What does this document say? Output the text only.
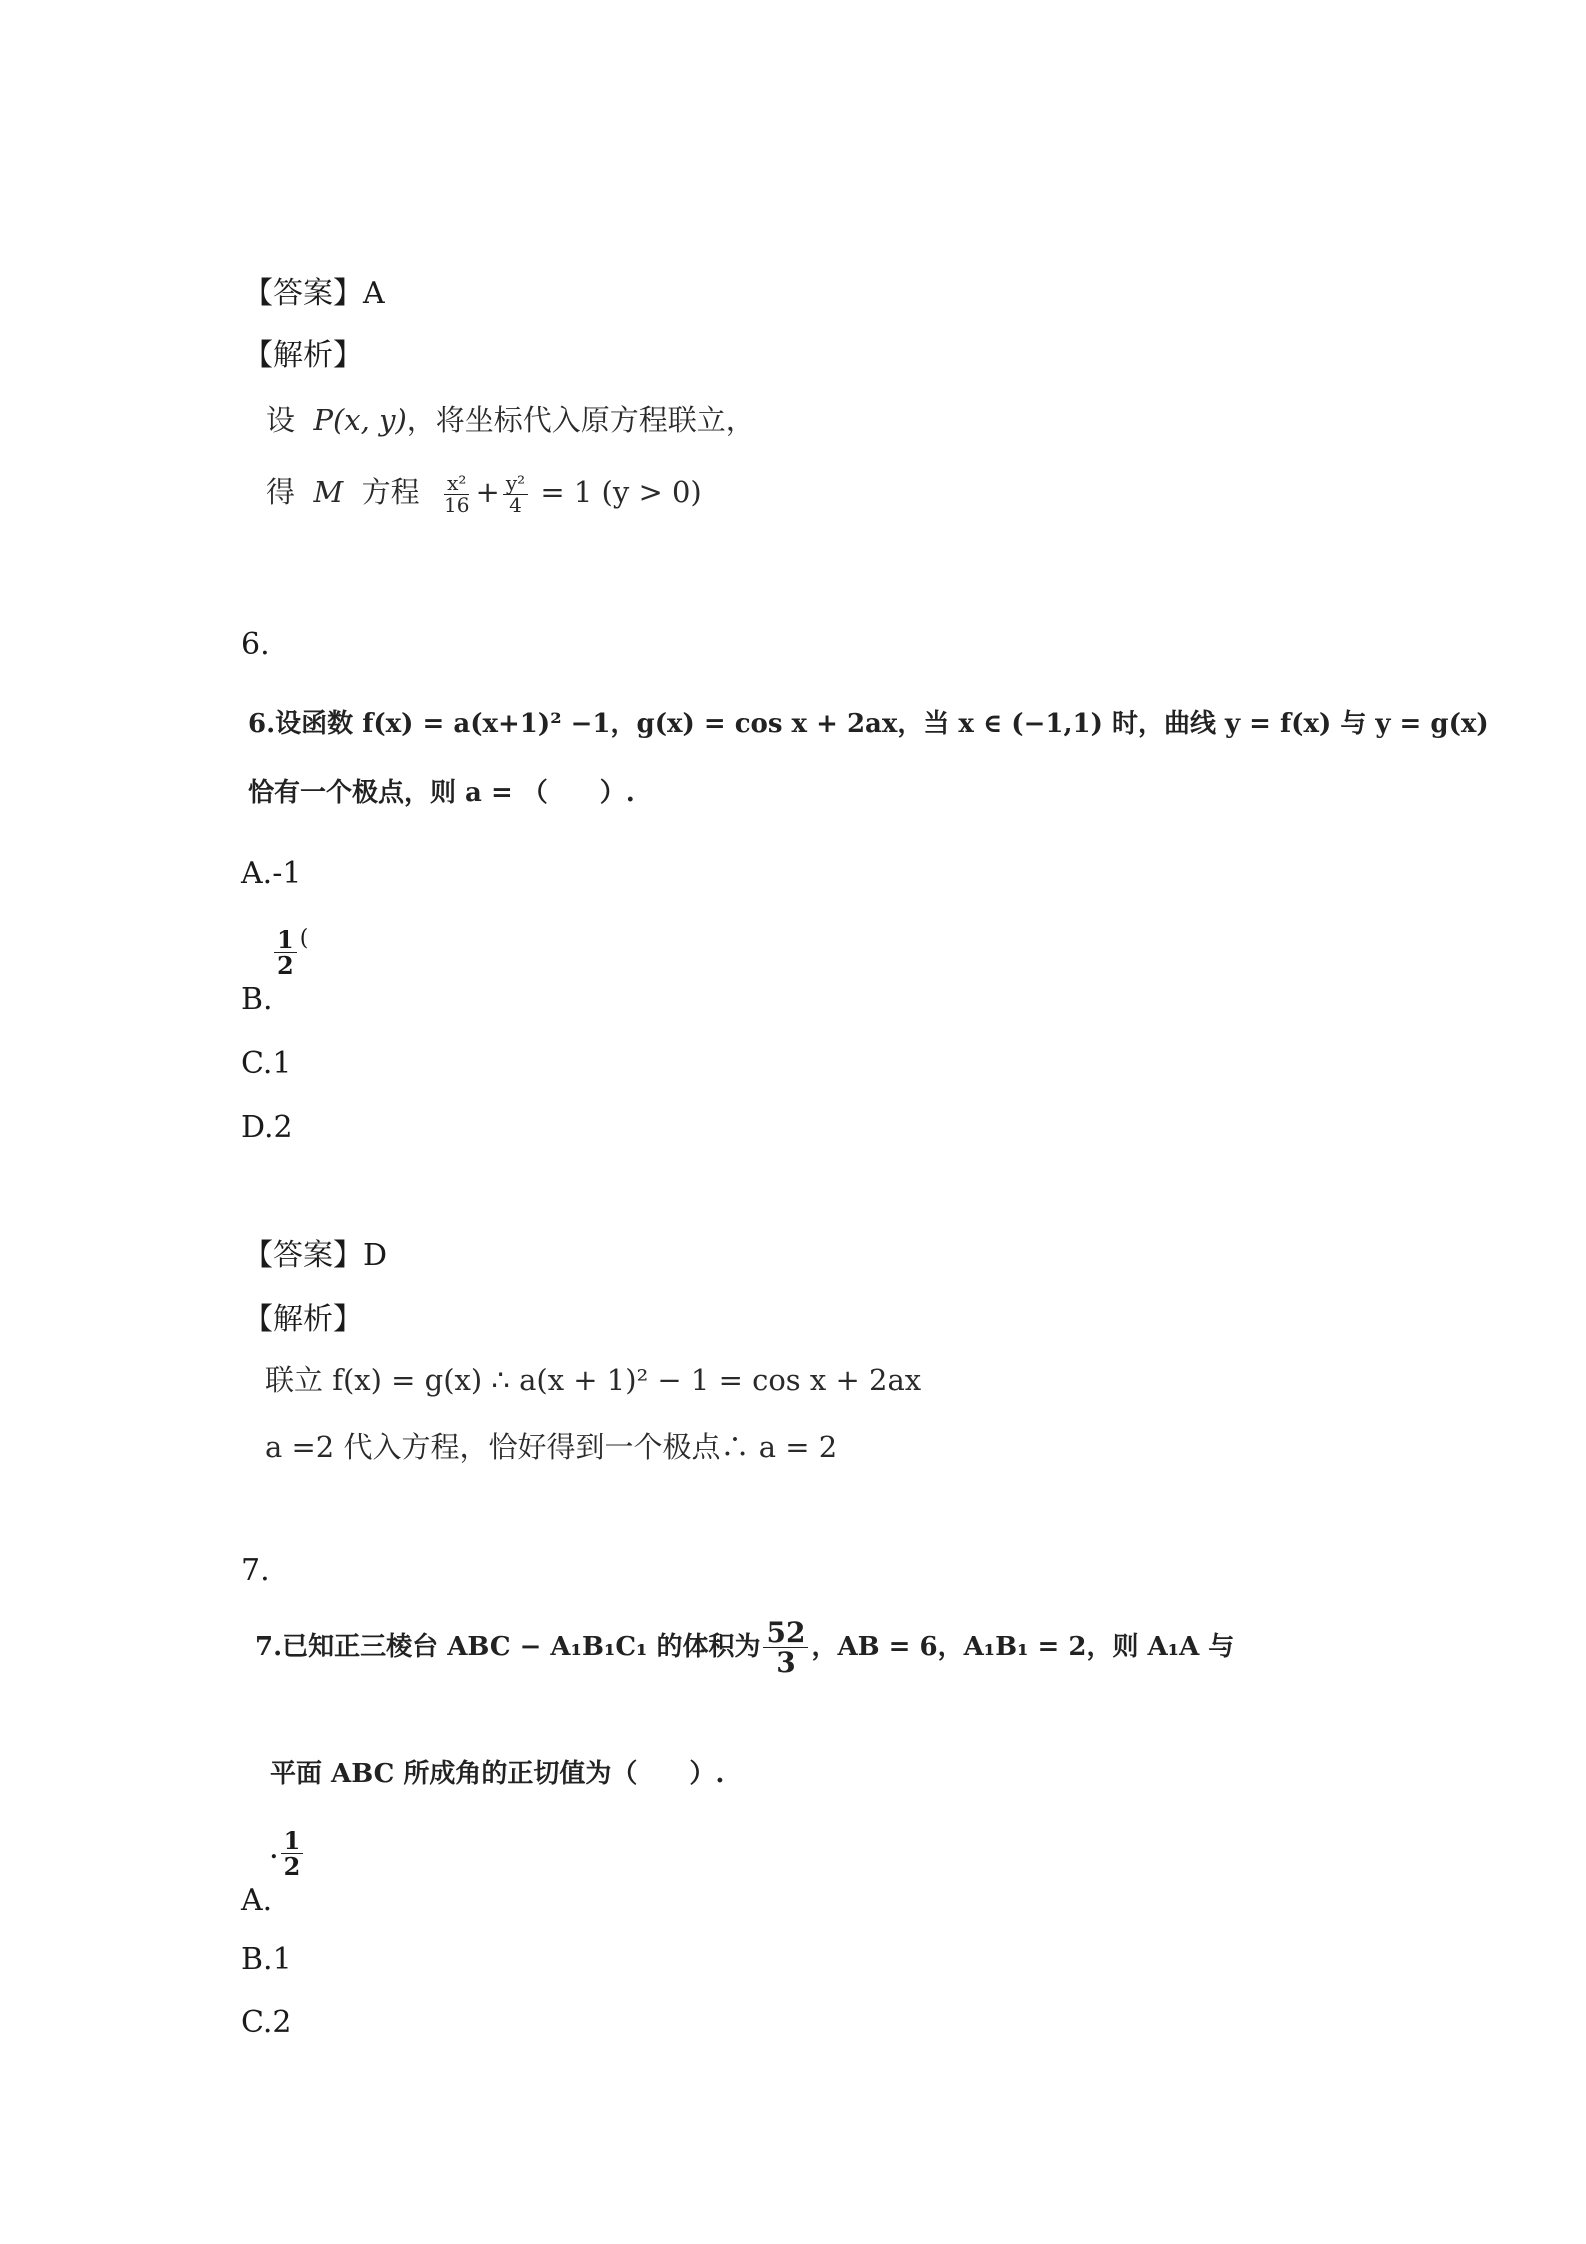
【答案】A
【解析】
设 P(x, y)，将坐标代入原方程联立，
得 M 方程 $\frac{\text{x²}}{16} + \frac{\text{y²}}{4} = 1$ (y > 0)
6.
6.设函数 f(x) = a(x+1)² −1，g(x) = cos x + 2ax，当 x ∈ (−1,1) 时，曲线 y = f(x) 与 y = g(x)
恰有一个极点，则 a = （　　）.
A.-1
$\frac{1}{2}$ (
B.
C.1
D.2
【答案】D
【解析】
联立 f(x) = g(x) ∴ a(x + 1)² − 1 = cos x + 2ax
a =2 代入方程，恰好得到一个极点∴ a = 2
7.
7.已知正三棱台 ABC − A₁B₁C₁ 的体积为 $\frac{52}{3}$ ，AB = 6，A₁B₁ = 2，则 A₁A 与
平面 ABC 所成角的正切值为（　　）.
. $\frac{1}{2}$
A.
B.1
C.2
